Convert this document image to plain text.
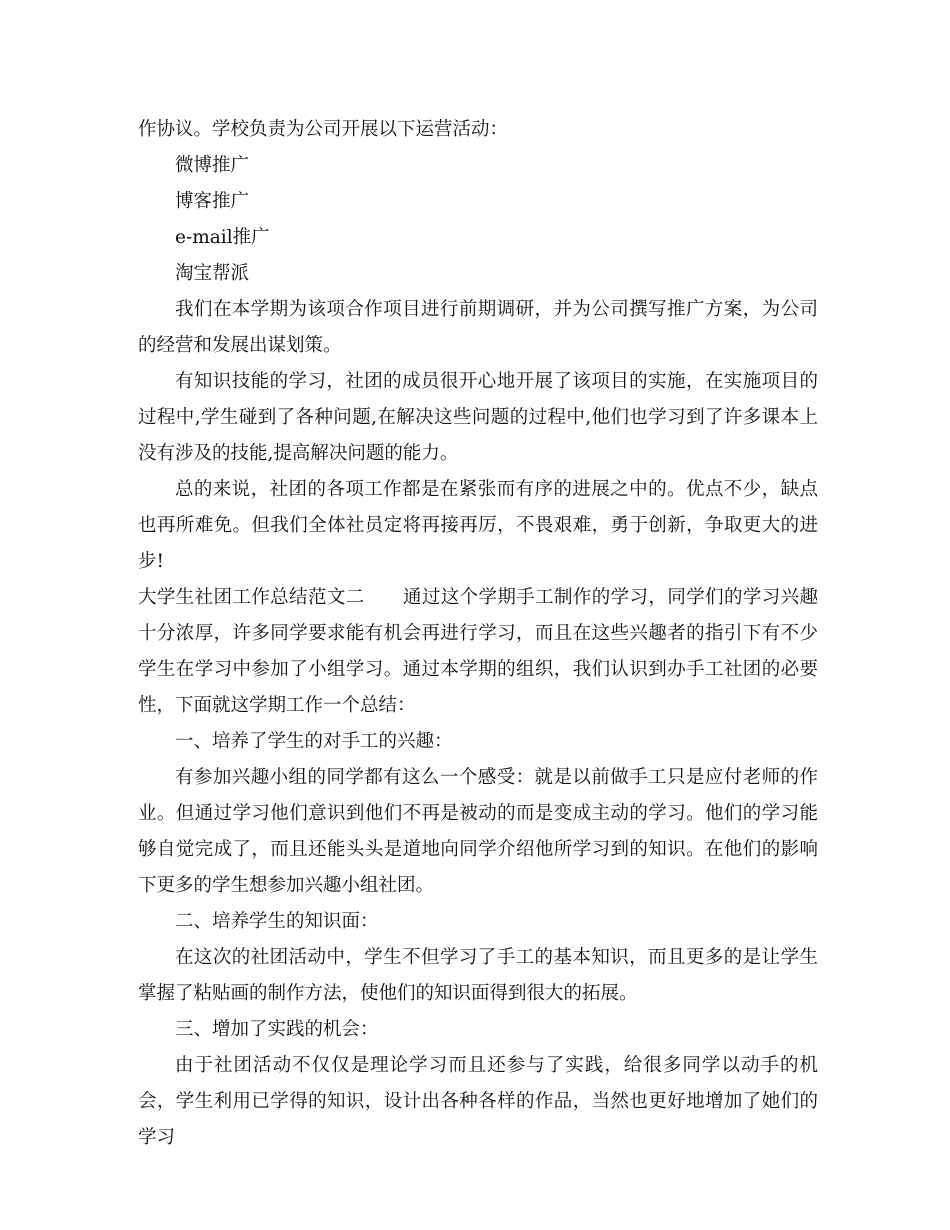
作协议。学校负责为公司开展以下运营活动：

微博推广

博客推广

e-mail推广

淘宝帮派

我们在本学期为该项合作项目进行前期调研，并为公司撰写推广方案，为公司的经营和发展出谋划策。

有知识技能的学习，社团的成员很开心地开展了该项目的实施，在实施项目的过程中,学生碰到了各种问题,在解决这些问题的过程中,他们也学习到了许多课本上没有涉及的技能,提高解决问题的能力。

总的来说，社团的各项工作都是在紧张而有序的进展之中的。优点不少，缺点也再所难免。但我们全体社员定将再接再厉，不畏艰难，勇于创新，争取更大的进步!

大学生社团工作总结范文二 通过这个学期手工制作的学习，同学们的学习兴趣十分浓厚，许多同学要求能有机会再进行学习，而且在这些兴趣者的指引下有不少学生在学习中参加了小组学习。通过本学期的组织，我们认识到办手工社团的必要性，下面就这学期工作一个总结：

一、培养了学生的对手工的兴趣：

有参加兴趣小组的同学都有这么一个感受：就是以前做手工只是应付老师的作业。但通过学习他们意识到他们不再是被动的而是变成主动的学习。他们的学习能够自觉完成了，而且还能头头是道地向同学介绍他所学习到的知识。在他们的影响下更多的学生想参加兴趣小组社团。

二、培养学生的知识面：

在这次的社团活动中，学生不但学习了手工的基本知识，而且更多的是让学生掌握了粘贴画的制作方法，使他们的知识面得到很大的拓展。

三、增加了实践的机会：

由于社团活动不仅仅是理论学习而且还参与了实践，给很多同学以动手的机会，学生利用已学得的知识，设计出各种各样的作品，当然也更好地增加了她们的学习
